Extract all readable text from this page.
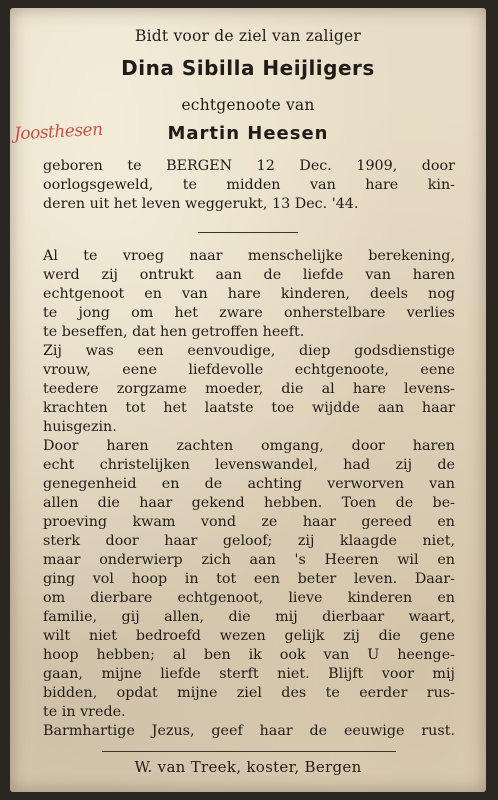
Bidt voor de ziel van zaliger
Dina Sibilla Heijligers
echtgenoote van
Martin Heesen
Joosthesen
geboren te BERGEN 12 Dec. 1909, door
oorlogsgeweld, te midden van hare kin-
deren uit het leven weggerukt, 13 Dec. '44.
Al te vroeg naar menschelijke berekening,
werd zij ontrukt aan de liefde van haren
echtgenoot en van hare kinderen, deels nog
te jong om het zware onherstelbare verlies
te beseffen, dat hen getroffen heeft.
Zij was een eenvoudige, diep godsdienstige
vrouw, eene liefdevolle echtgenoote, eene
teedere zorgzame moeder, die al hare levens-
krachten tot het laatste toe wijdde aan haar
huisgezin.
Door haren zachten omgang, door haren
echt christelijken levenswandel, had zij de
genegenheid en de achting verworven van
allen die haar gekend hebben. Toen de be-
proeving kwam vond ze haar gereed en
sterk door haar geloof; zij klaagde niet,
maar onderwierp zich aan 's Heeren wil en
ging vol hoop in tot een beter leven. Daar-
om dierbare echtgenoot, lieve kinderen en
familie, gij allen, die mij dierbaar waart,
wilt niet bedroefd wezen gelijk zij die gene
hoop hebben; al ben ik ook van U heenge-
gaan, mijne liefde sterft niet. Blijft voor mij
bidden, opdat mijne ziel des te eerder rus-
te in vrede.
Barmhartige Jezus, geef haar de eeuwige rust.
W. van Treek, koster, Bergen
